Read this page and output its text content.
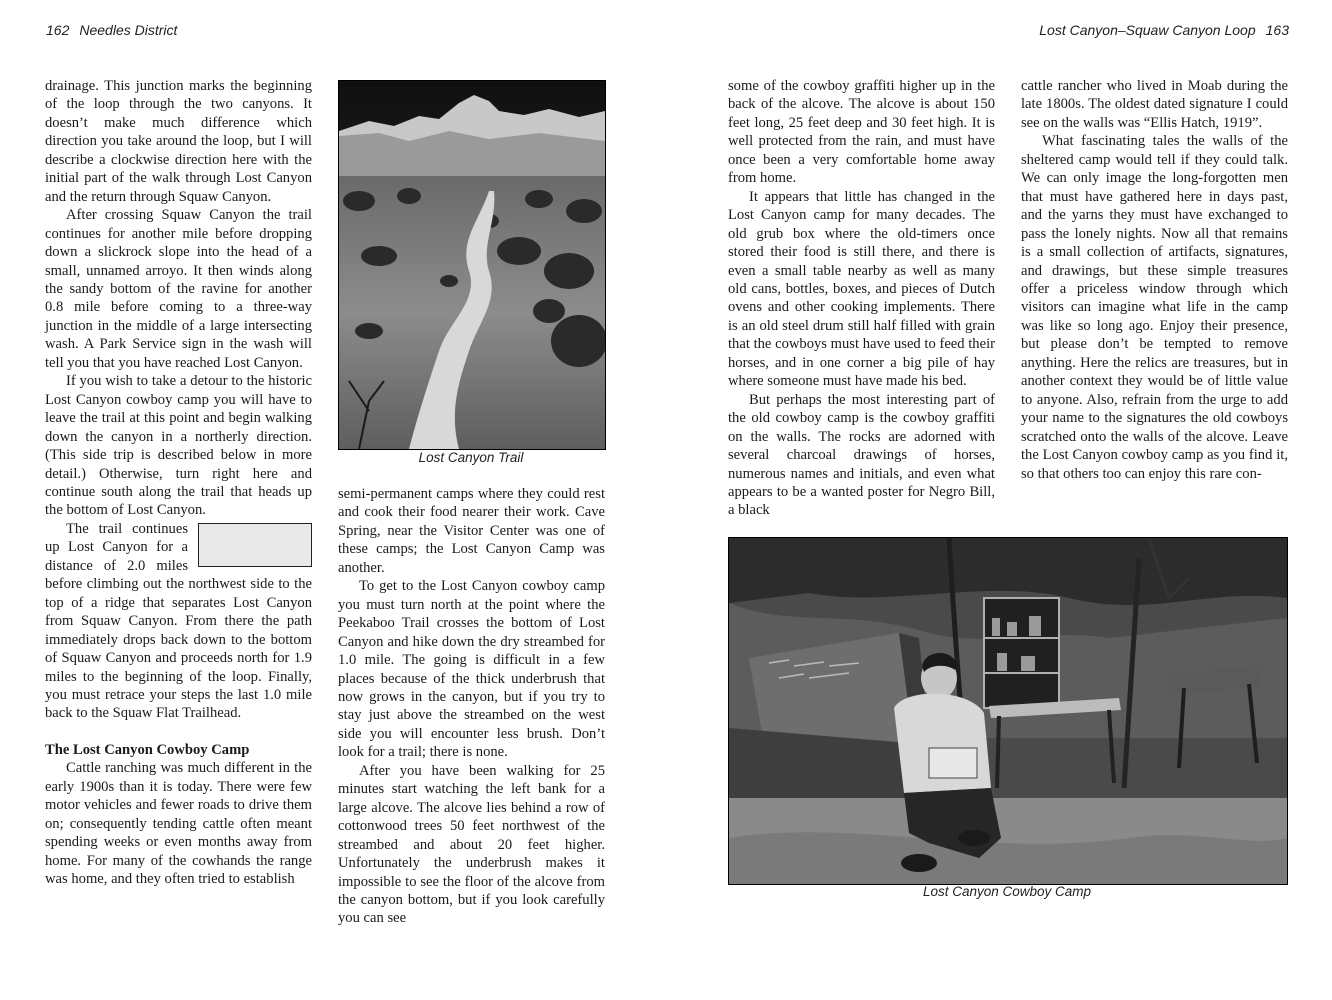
162 Needles District

drainage. This junction marks the beginning of the loop through the two canyons. It doesn’t make much difference which direction you take around the loop, but I will describe a clockwise direction here with the initial part of the walk through Lost Canyon and the return through Squaw Canyon.

After crossing Squaw Canyon the trail continues for another mile before dropping down a slickrock slope into the head of a small, unnamed arroyo. It then winds along the sandy bottom of the ravine for another 0.8 mile before coming to a three-way junction in the middle of a large intersecting wash. A Park Service sign in the wash will tell you that you have reached Lost Canyon.

If you wish to take a detour to the historic Lost Canyon cowboy camp you will have to leave the trail at this point and begin walking down the canyon in a northerly direction. (This side trip is described below in more detail.) Otherwise, turn right here and continue south along the trail that heads up the bottom of Lost Canyon.

The trail continues up Lost Canyon for a distance of 2.0 miles before climbing out the northwest side to the top of a ridge that separates Lost Canyon from Squaw Canyon. From there the path immediately drops back down to the bottom of Squaw Canyon and proceeds north for 1.9 miles to the beginning of the loop. Finally, you must retrace your steps the last 1.0 mile back to the Squaw Flat Trailhead.

The Lost Canyon Cowboy Camp

Cattle ranching was much different in the early 1900s than it is today. There were few motor vehicles and fewer roads to drive them on; consequently tending cattle often meant spending weeks or even months away from home. For many of the cowhands the range was home, and they often tried to establish

Lost Canyon Trail

semi-permanent camps where they could rest and cook their food nearer their work. Cave Spring, near the Visitor Center was one of these camps; the Lost Canyon Camp was another.

To get to the Lost Canyon cowboy camp you must turn north at the point where the Peekaboo Trail crosses the bottom of Lost Canyon and hike down the dry streambed for 1.0 mile. The going is difficult in a few places because of the thick underbrush that now grows in the canyon, but if you try to stay just above the streambed on the west side you will encounter less brush. Don’t look for a trail; there is none.

After you have been walking for 25 minutes start watching the left bank for a large alcove. The alcove lies behind a row of cottonwood trees 50 feet northwest of the streambed and about 20 feet higher. Unfortunately the underbrush makes it impossible to see the floor of the alcove from the canyon bottom, but if you look carefully you can see

Lost Canyon–Squaw Canyon Loop 163

some of the cowboy graffiti higher up in the back of the alcove. The alcove is about 150 feet long, 25 feet deep and 30 feet high. It is well protected from the rain, and must have once been a very comfortable home away from home.

It appears that little has changed in the Lost Canyon camp for many decades. The old grub box where the old-timers once stored their food is still there, and there is even a small table nearby as well as many old cans, bottles, boxes, and pieces of Dutch ovens and other cooking implements. There is an old steel drum still half filled with grain that the cowboys must have used to feed their horses, and in one corner a big pile of hay where someone must have made his bed.

But perhaps the most interesting part of the old cowboy camp is the cowboy graffiti on the walls. The rocks are adorned with several charcoal drawings of horses, numerous names and initials, and even what appears to be a wanted poster for Negro Bill, a black

cattle rancher who lived in Moab during the late 1800s. The oldest dated signature I could see on the walls was “Ellis Hatch, 1919”.

What fascinating tales the walls of the sheltered camp would tell if they could talk. We can only image the long-forgotten men that must have gathered here in days past, and the yarns they must have exchanged to pass the lonely nights. Now all that remains is a small collection of artifacts, signatures, and drawings, but these simple treasures offer a priceless window through which visitors can imagine what life in the camp was like so long ago. Enjoy their presence, but please don’t be tempted to remove anything. Here the relics are treasures, but in another context they would be of little value to anyone. Also, refrain from the urge to add your name to the signatures the old cowboys scratched onto the walls of the alcove. Leave the Lost Canyon cowboy camp as you find it, so that others too can enjoy this rare con-

Lost Canyon Cowboy Camp
